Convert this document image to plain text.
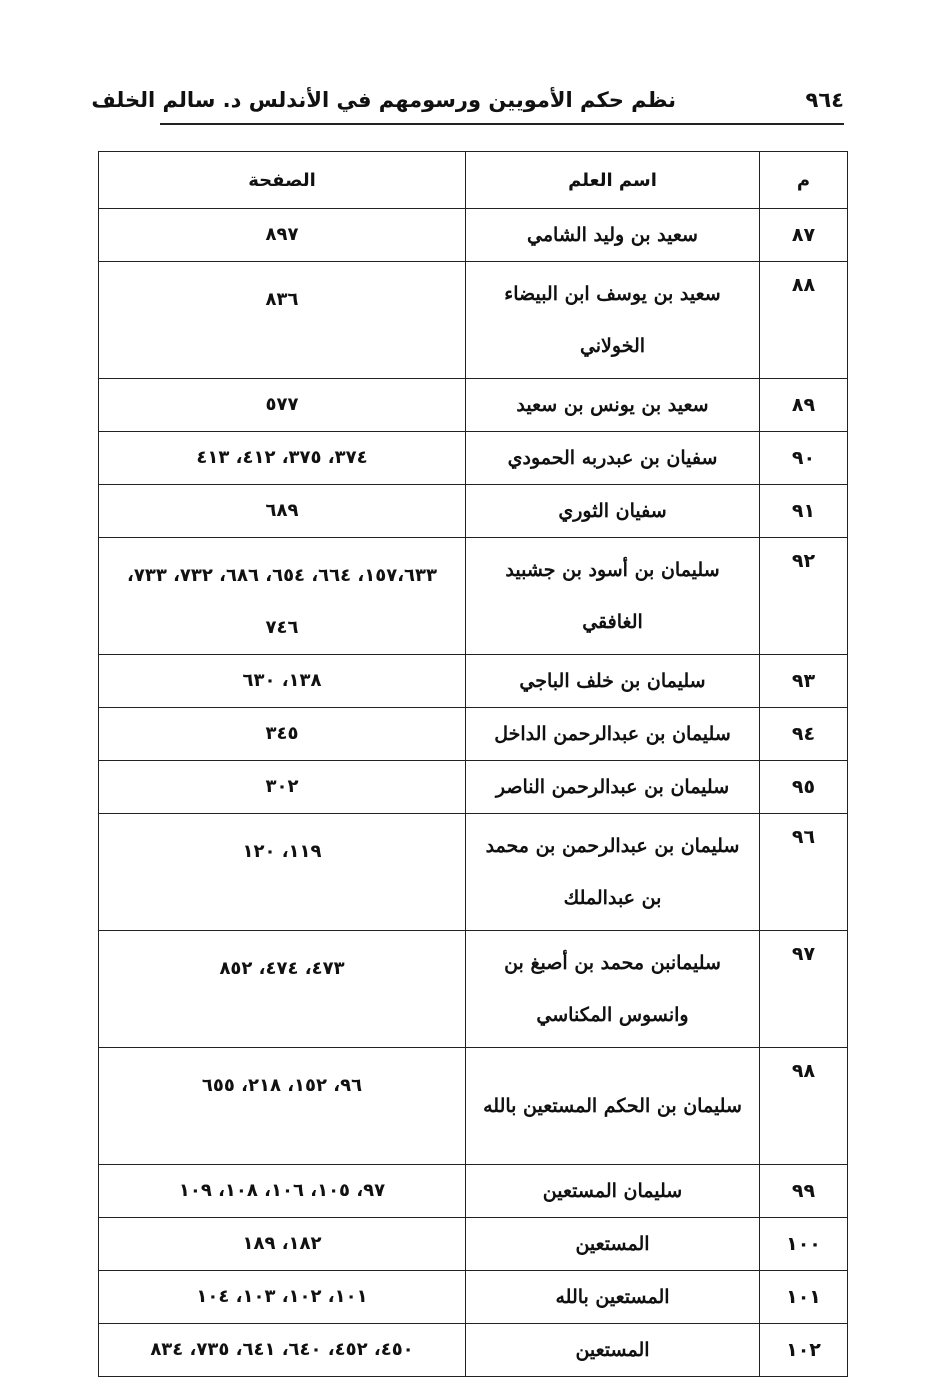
٩٦٤
نظم حكم الأمويين ورسومهم في الأندلس د. سالم الخلف
م	اسم العلم	الصفحة
٨٧	سعيد بن وليد الشامي	٨٩٧
٨٨	سعيد بن يوسف ابن البيضاء الخولاني	٨٣٦
٨٩	سعيد بن يونس بن سعيد	٥٧٧
٩٠	سفيان بن عبدربه الحمودي	٣٧٤، ٣٧٥، ٤١٢، ٤١٣
٩١	سفيان الثوري	٦٨٩
٩٢	سليمان بن أسود بن جشبيد الغافقي	١٥٧،٦٣٣، ٦٦٤، ٦٥٤، ٦٨٦، ٧٣٢، ٧٣٣، ٧٤٦
٩٣	سليمان بن خلف الباجي	١٣٨، ٦٣٠
٩٤	سليمان بن عبدالرحمن الداخل	٣٤٥
٩٥	سليمان بن عبدالرحمن الناصر	٣٠٢
٩٦	سليمان بن عبدالرحمن بن محمد بن عبدالملك	١١٩، ١٢٠
٩٧	سليمانبن محمد بن أصبغ بن وانسوس المكناسي	٤٧٣، ٤٧٤، ٨٥٢
٩٨	سليمان بن الحكم المستعين بالله	٩٦، ١٥٢، ٢١٨، ٦٥٥
٩٩	سليمان المستعين	٩٧، ١٠٥، ١٠٦، ١٠٨، ١٠٩
١٠٠	المستعين	١٨٢، ١٨٩
١٠١	المستعين بالله	١٠١، ١٠٢، ١٠٣، ١٠٤
١٠٢	المستعين	٤٥٠، ٤٥٢، ٦٤٠، ٦٤١، ٧٣٥، ٨٣٤
